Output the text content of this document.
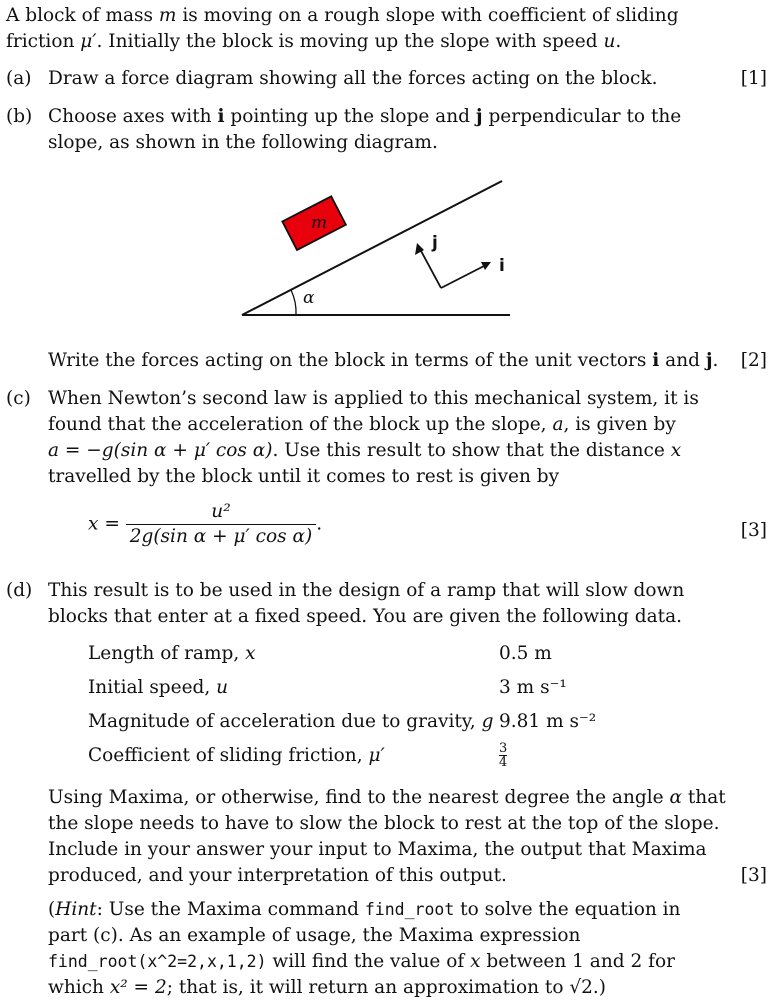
A block of mass m is moving on a rough slope with coefficient of sliding
friction μ′. Initially the block is moving up the slope with speed u.
(a) Draw a force diagram showing all the forces acting on the block.	[1]
(b) Choose axes with i pointing up the slope and j perpendicular to the
slope, as shown in the following diagram.
m
α
j
i
Write the forces acting on the block in terms of the unit vectors i and j. [2]
(c) When Newton’s second law is applied to this mechanical system, it is
found that the acceleration of the block up the slope, a, is given by
a = −g(sin α + μ′ cos α). Use this result to show that the distance x
travelled by the block until it comes to rest is given by
$x = \frac{\text{u²}}{\text{2g(sin α + μ′ cos α)}}$ .	[3]
(d) This result is to be used in the design of a ramp that will slow down
blocks that enter at a fixed speed. You are given the following data.
Length of ramp, x	0.5 m
Initial speed, u	3 m s⁻¹
Magnitude of acceleration due to gravity, g 9.81 m s⁻²
Coefficient of sliding friction, μ′	$\frac{3}{4}$
Using Maxima, or otherwise, find to the nearest degree the angle α that
the slope needs to have to slow the block to rest at the top of the slope.
Include in your answer your input to Maxima, the output that Maxima
produced, and your interpretation of this output.	[3]
(Hint: Use the Maxima command find_root to solve the equation in
part (c). As an example of usage, the Maxima expression
find_root(x^2=2,x,1,2) will find the value of x between 1 and 2 for
which x² = 2; that is, it will return an approximation to √2.)
